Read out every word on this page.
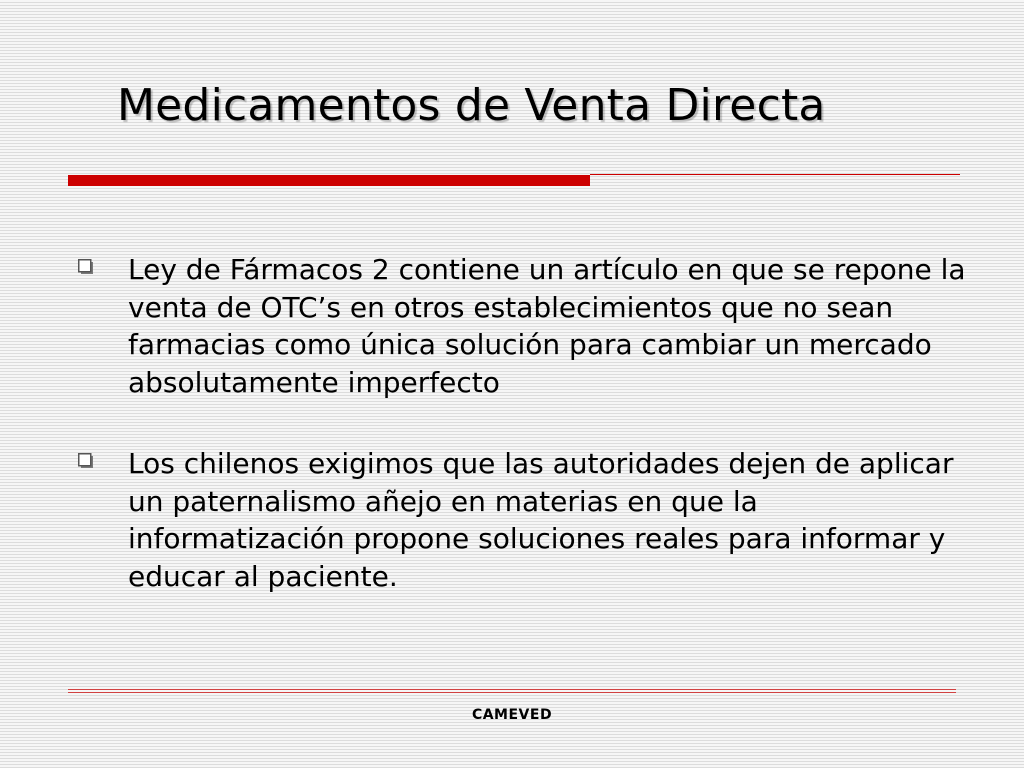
Medicamentos de Venta Directa
Ley de Fármacos 2 contiene un artículo en que se repone la venta de OTC’s en otros establecimientos que no sean farmacias como única solución para cambiar un mercado absolutamente imperfecto
Los chilenos exigimos que las autoridades dejen de aplicar un paternalismo añejo en materias en que la informatización propone soluciones reales para informar y educar al paciente.
CAMEVED
